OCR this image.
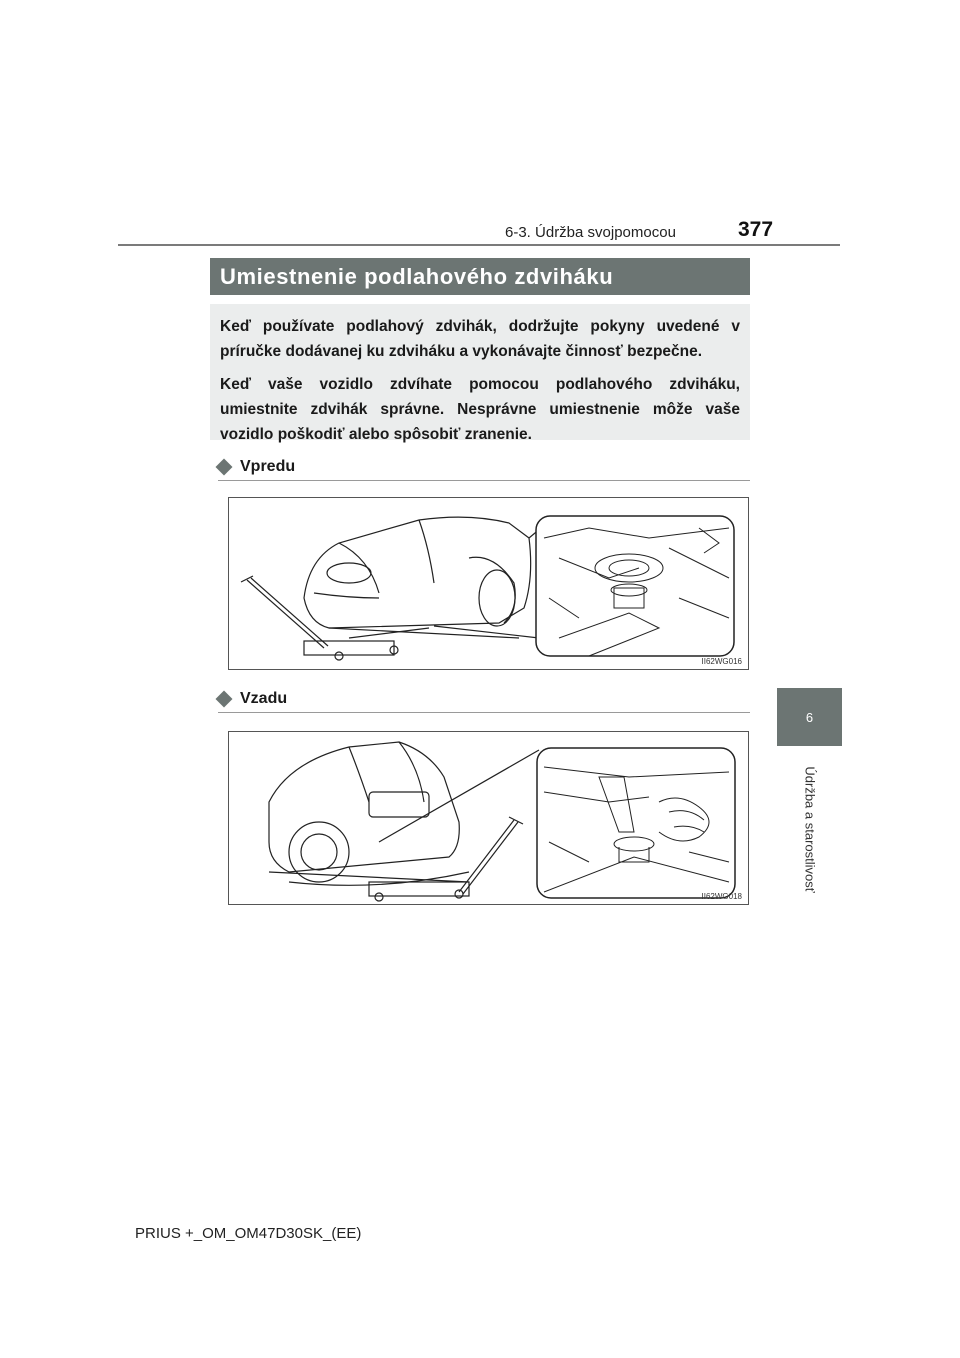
6-3. Údržba svojpomocou	377
6
Údržba a starostlivosť
Umiestnenie podlahového zdviháku

Keď používate podlahový zdvihák, dodržujte pokyny uvedené v príručke dodávanej ku zdviháku a vykonávajte činnosť bezpečne.

Keď vaše vozidlo zdvíhate pomocou podlahového zdviháku, umiestnite zdvihák správne. Nesprávne umiestnenie môže vaše vozidlo poškodiť alebo spôsobiť zranenie.

Vpredu
II62WG016
Vzadu
II62WG018
PRIUS +_OM_OM47D30SK_(EE)
